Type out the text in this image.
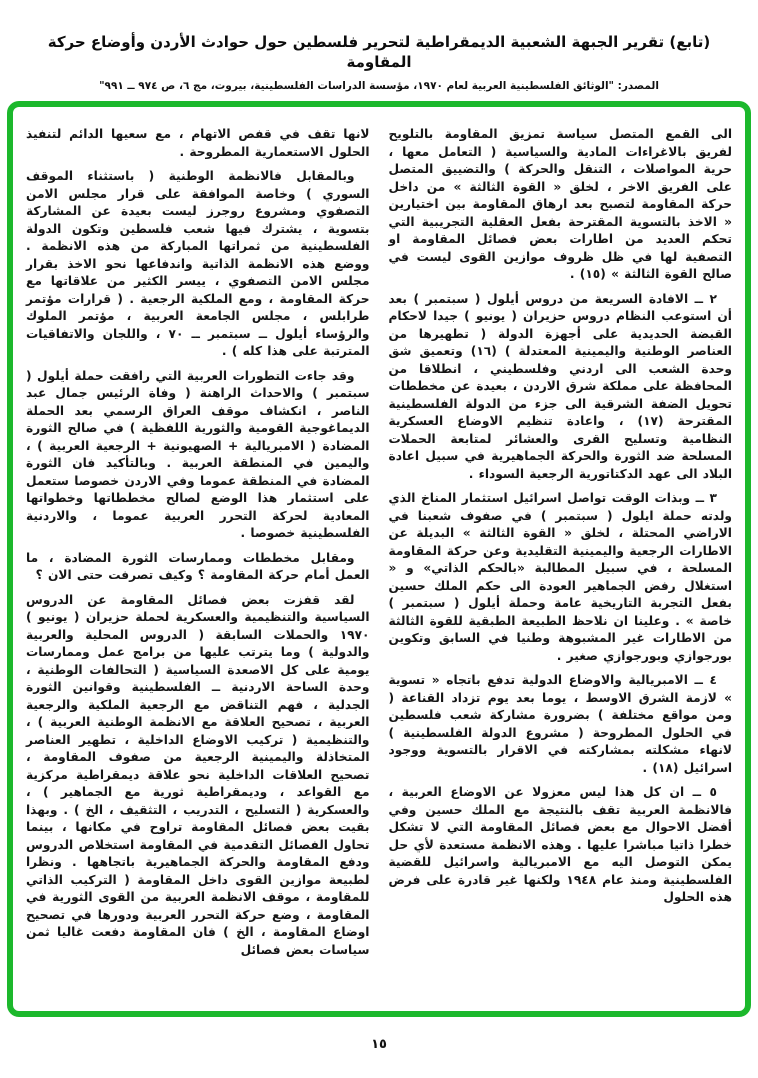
(تابع) تقرير الجبهة الشعبية الديمقراطية لتحرير فلسطين حول حوادث الأردن وأوضاع حركة المقاومة
المصدر: "الوثائق الفلسطينية العربية لعام ١٩٧٠، مؤسسة الدراسات الفلسطينية، بيروت، مج ٦، ص ٩٧٤ ــ ٩٩١"

الى القمع المتصل سياسة تمزيق المقاومة بالتلويح لفريق بالاغراءات المادية والسياسية ( التعامل معها ، حرية المواصلات ، التنقل والحركة ) والتضييق المتصل على الفريق الاخر ، لخلق « القوة الثالثة » من داخل حركة المقاومة لتصبح بعد ارهاق المقاومة بين اختيارين « الاخذ بالتسوية المقترحة بفعل العقلية التجريبية التي تحكم العديد من اطارات بعض فصائل المقاومة او التصفية لها في ظل ظروف موازين القوى ليست في صالح القوة الثالثة » (١٥) .

٢ ــ الافادة السريعة من دروس أيلول ( سبتمبر ) بعد أن استوعب النظام دروس حزيران ( يونيو ) جيدا لاحكام القبضة الحديدية على أجهزة الدولة ( تطهيرها من العناصر الوطنية واليمينية المعتدلة ) (١٦) وتعميق شق وحدة الشعب الى اردني وفلسطيني ، انطلاقا من المحافظة على مملكة شرق الاردن ، بعيدة عن مخططات تحويل الضفة الشرقية الى جزء من الدولة الفلسطينية المقترحة (١٧) ، واعادة تنظيم الاوضاع العسكرية النظامية وتسليح القرى والعشائر لمتابعة الحملات المسلحة ضد الثورة والحركة الجماهيرية في سبيل اعادة البلاد الى عهد الدكتاتورية الرجعية السوداء .

٣ ــ وبذات الوقت تواصل اسرائيل استثمار المناخ الذي ولدته حملة ايلول ( سبتمبر ) في صفوف شعبنا في الاراضي المحتلة ، لخلق « القوة الثالثة » البديلة عن الاطارات الرجعية واليمينية التقليدية وعن حركة المقاومة المسلحة ، في سبيل المطالبة «بالحكم الذاتي» و « استغلال رفض الجماهير العودة الى حكم الملك حسين بفعل التجربة التاريخية عامة وحملة أيلول ( سبتمبر ) خاصة » . وعلينا ان نلاحظ الطبيعة الطبقية للقوة الثالثة من الاطارات غير المشبوهة وطنيا في السابق وتكوين بورجوازي وبورجوازي صغير .

٤ ــ الامبريالية والاوضاع الدولية تدفع باتجاه « تسوية » لازمة الشرق الاوسط ، يوما بعد يوم تزداد القناعة ( ومن مواقع مختلفة ) بضرورة مشاركة شعب فلسطين في الحلول المطروحة ( مشروع الدولة الفلسطينية ) لانهاء مشكلته بمشاركته في الاقرار بالتسوية ووجود اسرائيل (١٨) .

٥ ــ ان كل هذا ليس معزولا عن الاوضاع العربية ، فالانظمة العربية تقف بالنتيجة مع الملك حسين وفي أفضل الاحوال مع بعض فصائل المقاومة التي لا تشكل خطرا ذاتيا مباشرا عليها . وهذه الانظمة مستعدة لأي حل يمكن التوصل اليه مع الامبريالية واسرائيل للقضية الفلسطينية ومنذ عام ١٩٤٨ ولكنها غير قادرة على فرض هذه الحلول

لانها تقف في قفص الاتهام ، مع سعيها الدائم لتنفيذ الحلول الاستعمارية المطروحة .

وبالمقابل فالانظمة الوطنية ( باستثناء الموقف السوري ) وخاصة الموافقة على قرار مجلس الامن التصفوي ومشروع روجرز ليست بعيدة عن المشاركة بتسوية ، يشترك فيها شعب فلسطين وتكون الدولة الفلسطينية من ثمراتها المباركة من هذه الانظمة . ووضع هذه الانظمة الذاتية واندفاعها نحو الاخذ بقرار مجلس الامن التصفوي ، ييسر الكثير من علاقاتها مع حركة المقاومة ، ومع الملكية الرجعية . ( قرارات مؤتمر طرابلس ، مجلس الجامعة العربية ، مؤتمر الملوك والرؤساء أيلول ــ سبتمبر ــ ٧٠ ، واللجان والاتفاقيات المترتبة على هذا كله ) .

وقد جاءت التطورات العربية التي رافقت حملة أيلول ( سبتمبر ) والاحداث الراهنة ( وفاة الرئيس جمال عبد الناصر ، انكشاف موقف العراق الرسمي بعد الحملة الديماغوجية القومية والثورية اللفظية ) في صالح الثورة المضادة ( الامبريالية + الصهيونية + الرجعية العربية ) ، واليمين في المنطقة العربية . وبالتأكيد فان الثورة المضادة في المنطقة عموما وفي الاردن خصوصا ستعمل على استثمار هذا الوضع لصالح مخططاتها وخطواتها المعادية لحركة التحرر العربية عموما ، والاردنية الفلسطينية خصوصا .

ومقابل مخططات وممارسات الثورة المضادة ، ما العمل أمام حركة المقاومة ؟ وكيف تصرفت حتى الان ؟

لقد قفزت بعض فصائل المقاومة عن الدروس السياسية والتنظيمية والعسكرية لحملة حزيران ( يونيو ) ١٩٧٠ والحملات السابقة ( الدروس المحلية والعربية والدولية ) وما يترتب عليها من برامج عمل وممارسات يومية على كل الاصعدة السياسية ( التحالفات الوطنية ، وحدة الساحة الاردنية ــ الفلسطينية وقوانين الثورة الجدلية ، فهم التناقض مع الرجعية الملكية والرجعية العربية ، تصحيح العلاقة مع الانظمة الوطنية العربية ) ، والتنظيمية ( تركيب الاوضاع الداخلية ، تطهير العناصر المتخاذلة واليمينية الرجعية من صفوف المقاومة ، تصحيح العلاقات الداخلية نحو علاقة ديمقراطية مركزية مع القواعد ، وديمقراطية ثورية مع الجماهير ) ، والعسكرية ( التسليح ، التدريب ، التثقيف ، الخ ) . وبهذا بقيت بعض فصائل المقاومة تراوح في مكانها ، بينما تحاول الفصائل التقدمية في المقاومة استخلاص الدروس ودفع المقاومة والحركة الجماهيرية باتجاهها . ونظرا لطبيعة موازين القوى داخل المقاومة ( التركيب الذاتي للمقاومة ، موقف الانظمة العربية من القوى الثورية في المقاومة ، وضع حركة التحرر العربية ودورها في تصحيح اوضاع المقاومة ، الخ ) فان المقاومة دفعت غاليا ثمن سياسات بعض فصائل

١٥
